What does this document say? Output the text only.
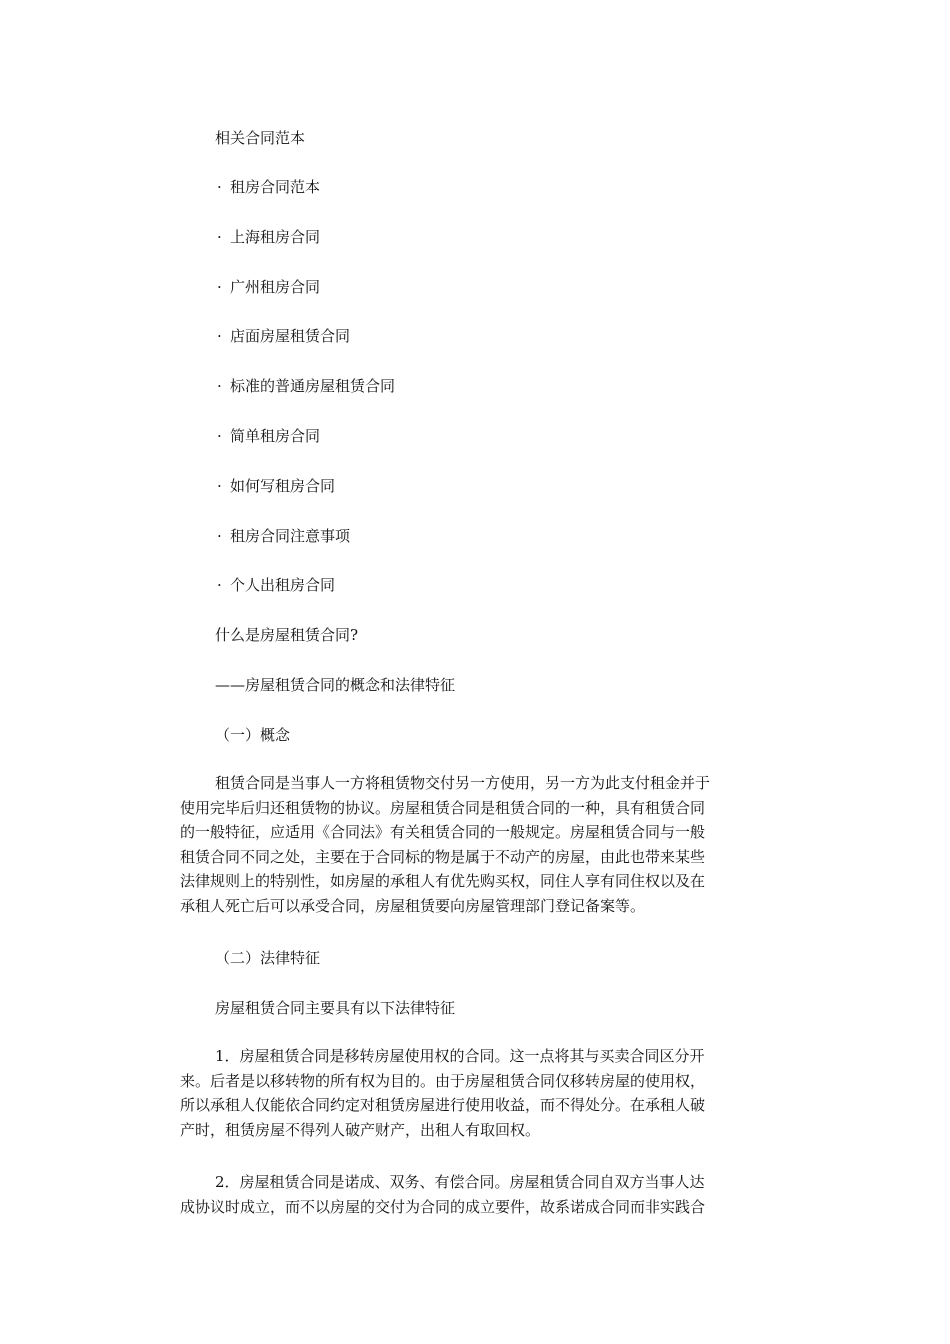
相关合同范本
· 租房合同范本
· 上海租房合同
· 广州租房合同
· 店面房屋租赁合同
· 标准的普通房屋租赁合同
· 简单租房合同
· 如何写租房合同
· 租房合同注意事项
· 个人出租房合同
什么是房屋租赁合同?
——房屋租赁合同的概念和法律特征
（一）概念
租赁合同是当事人一方将租赁物交付另一方使用，另一方为此支付租金并于
使用完毕后归还租赁物的协议。房屋租赁合同是租赁合同的一种，具有租赁合同
的一般特征，应适用《合同法》有关租赁合同的一般规定。房屋租赁合同与一般
租赁合同不同之处，主要在于合同标的物是属于不动产的房屋，由此也带来某些
法律规则上的特别性，如房屋的承租人有优先购买权，同住人享有同住权以及在
承租人死亡后可以承受合同，房屋租赁要向房屋管理部门登记备案等。
（二）法律特征
房屋租赁合同主要具有以下法律特征
1．房屋租赁合同是移转房屋使用权的合同。这一点将其与买卖合同区分开
来。后者是以移转物的所有权为目的。由于房屋租赁合同仅移转房屋的使用权，
所以承租人仅能依合同约定对租赁房屋进行使用收益，而不得处分。在承租人破
产时，租赁房屋不得列人破产财产，出租人有取回权。
2．房屋租赁合同是诺成、双务、有偿合同。房屋租赁合同自双方当事人达
成协议时成立，而不以房屋的交付为合同的成立要件，故系诺成合同而非实践合
